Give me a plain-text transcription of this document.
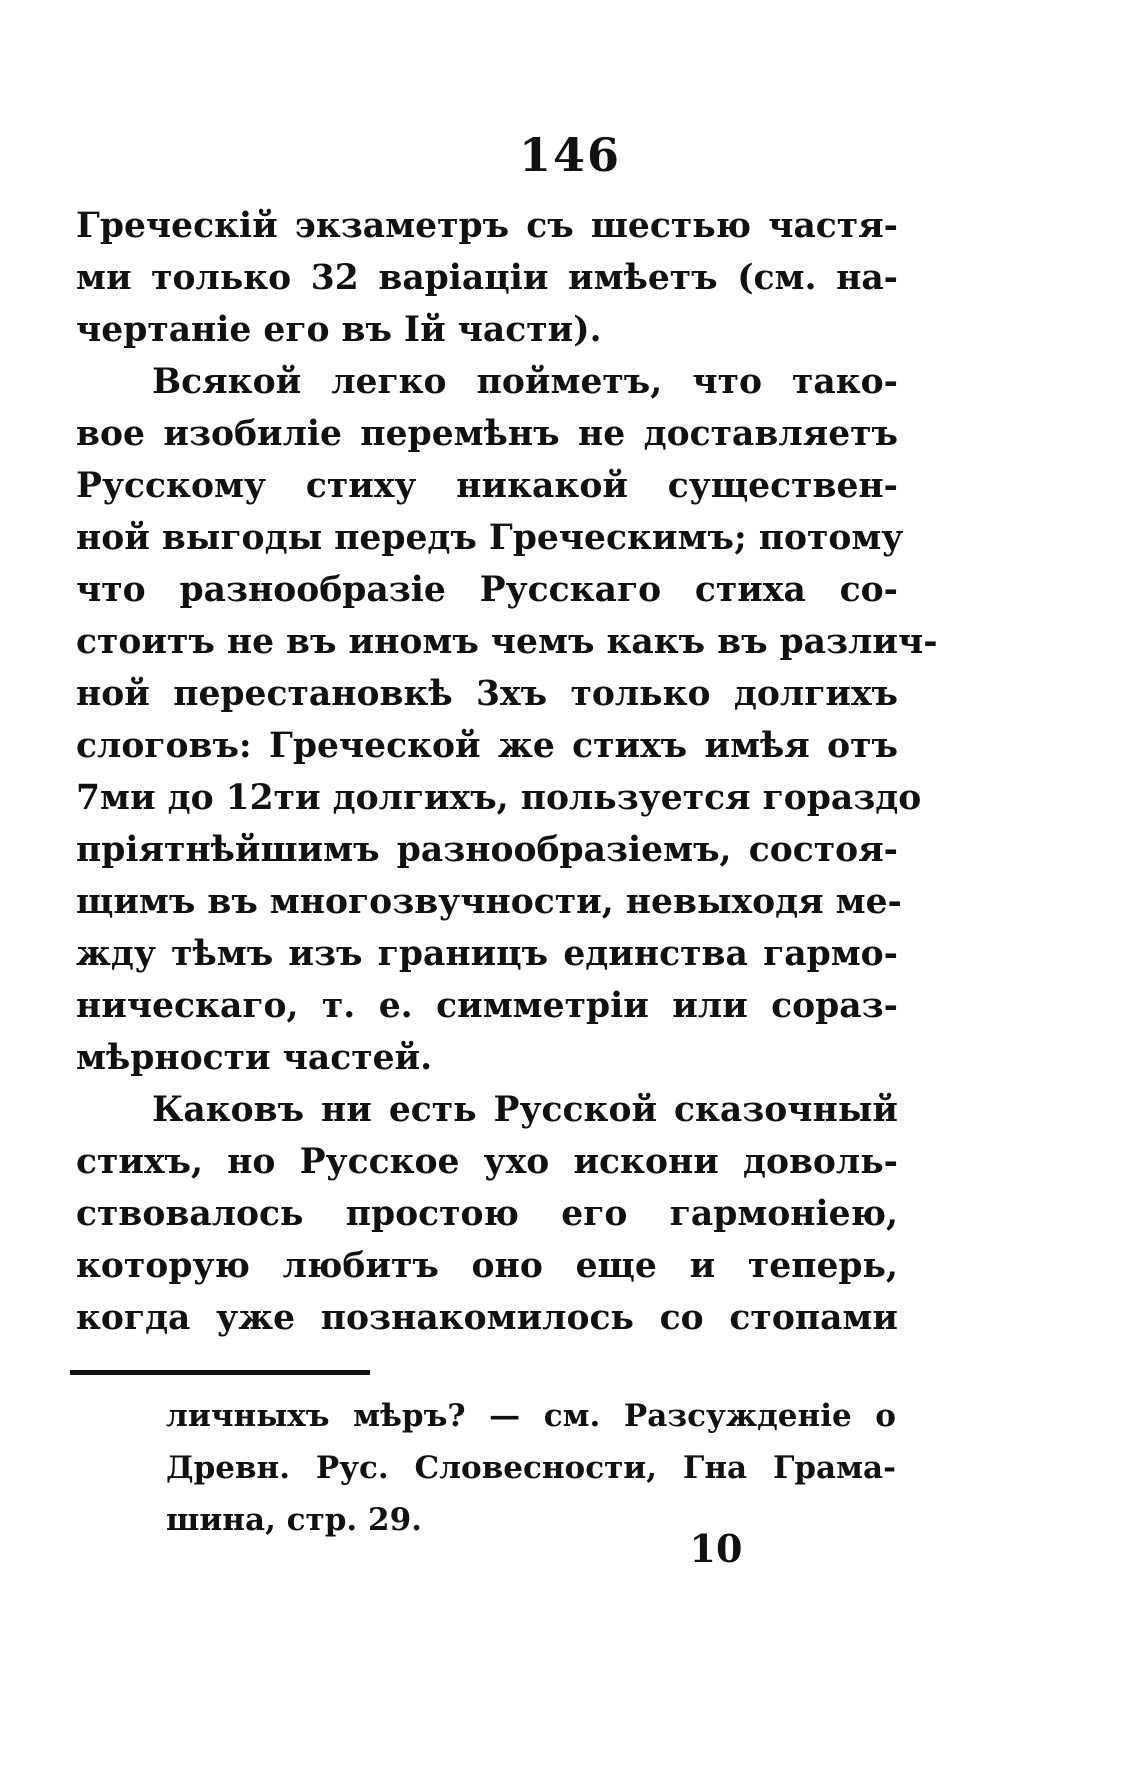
146
Греческій экзаметръ съ шестью частя-
ми только 32 варіаціи имѣетъ (см. на-
чертаніе его въ Iй части).
Всякой легко пойметъ, что тако-
вое изобиліе перемѣнъ не доставляетъ
Русскому стиху никакой существен-
ной выгоды передъ Греческимъ; потому
что разнообразіе Русскаго стиха со-
стоитъ не въ иномъ чемъ какъ въ различ-
ной перестановкѣ 3хъ только долгихъ
слоговъ: Греческой же стихъ имѣя отъ
7ми до 12ти долгихъ, пользуется гораздо
пріятнѣйшимъ разнообразіемъ, состоя-
щимъ въ многозвучности, невыходя ме-
жду тѣмъ изъ границъ единства гармо-
ническаго, т. е. симметріи или сораз-
мѣрности частей.
Каковъ ни есть Русской сказочный
стихъ, но Русское ухо искони доволь-
ствовалось простою его гармоніею,
которую любитъ оно еще и теперь,
когда уже познакомилось со стопами
личныхъ мѣръ? — см. Разсужденіе о
Древн. Рус. Словесности, Гна Грама-
шина, стр. 29.
10
